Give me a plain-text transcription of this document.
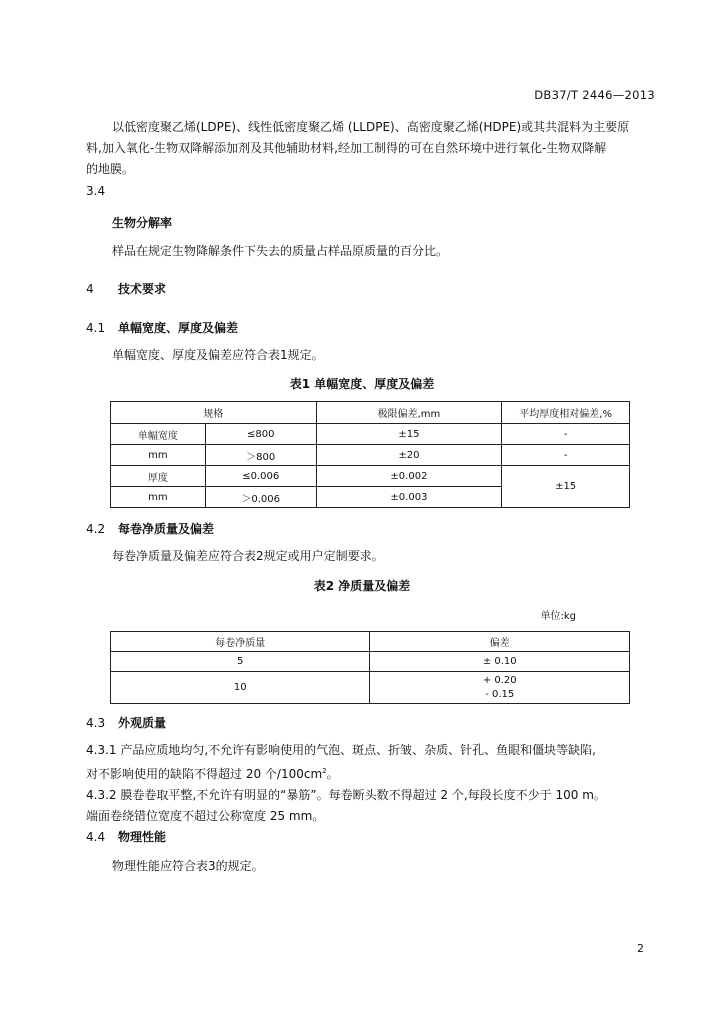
DB37/T 2446—2013
以低密度聚乙烯(LDPE)、线性低密度聚乙烯 (LLDPE)、高密度聚乙烯(HDPE)或其共混料为主要原
料,加入氧化-生物双降解添加剂及其他辅助材料,经加工制得的可在自然环境中进行氧化-生物双降解
的地膜。
3.4
生物分解率
样品在规定生物降解条件下失去的质量占样品原质量的百分比。
4 技术要求
4.1 单幅宽度、厚度及偏差
单幅宽度、厚度及偏差应符合表1规定。
表1 单幅宽度、厚度及偏差
规格		极限偏差,mm	平均厚度相对偏差,%
单幅宽度	≤800	±15	-
mm	＞800	±20	-
厚度	≤0.006	±0.002	±15
mm	＞0.006	±0.003	
4.2 每卷净质量及偏差
每卷净质量及偏差应符合表2规定或用户定制要求。
表2 净质量及偏差
单位:kg
每卷净质量	偏差
5	± 0.10
10	+ 0.20
- 0.15
4.3 外观质量
4.3.1 产品应质地均匀,不允许有影响使用的气泡、斑点、折皱、杂质、针孔、鱼眼和僵块等缺陷,
对不影响使用的缺陷不得超过 20 个$/100cm^2$。
4.3.2 膜卷卷取平整,不允许有明显的“暴筋”。每卷断头数不得超过 2 个,每段长度不少于 100 m。
端面卷绕错位宽度不超过公称宽度 25 mm。
4.4 物理性能
物理性能应符合表3的规定。
2
